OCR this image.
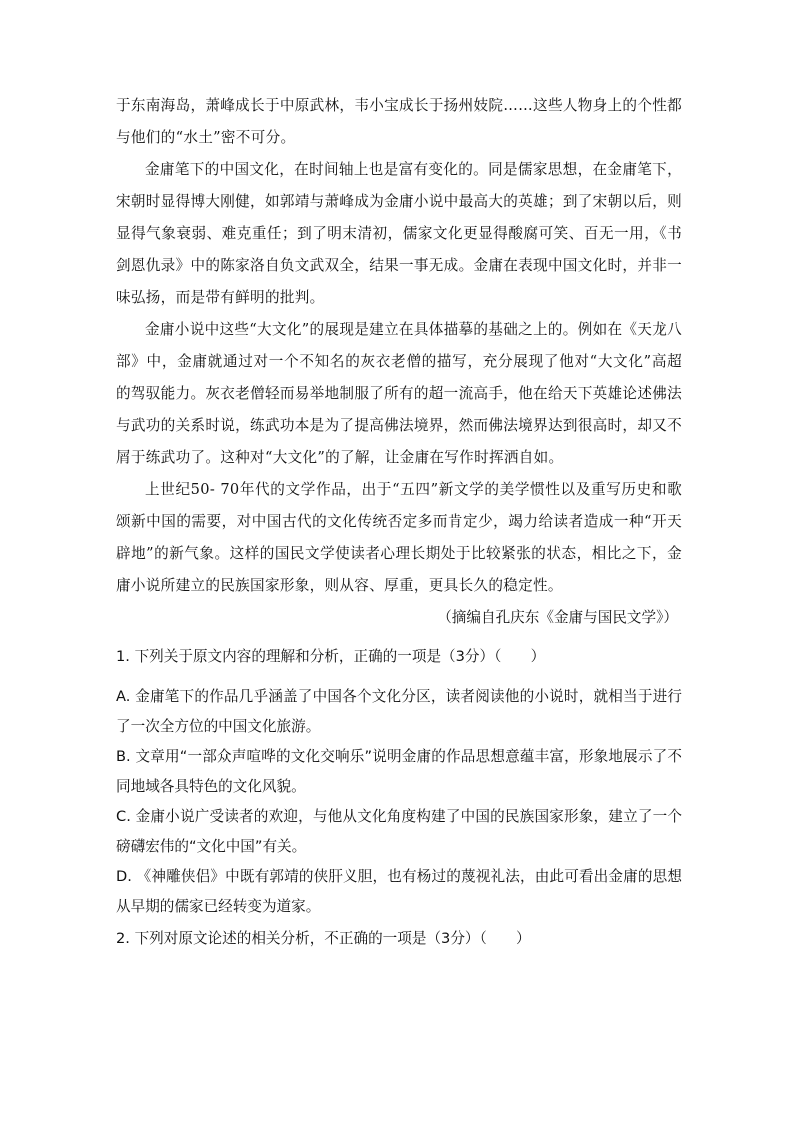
于东南海岛，萧峰成长于中原武林，韦小宝成长于扬州妓院……这些人物身上的个性都与他们的“水土”密不可分。

金庸笔下的中国文化，在时间轴上也是富有变化的。同是儒家思想，在金庸笔下，宋朝时显得博大刚健，如郭靖与萧峰成为金庸小说中最高大的英雄；到了宋朝以后，则显得气象衰弱、难克重任；到了明末清初，儒家文化更显得酸腐可笑、百无一用，《书剑恩仇录》中的陈家洛自负文武双全，结果一事无成。金庸在表现中国文化时，并非一味弘扬，而是带有鲜明的批判。

金庸小说中这些“大文化”的展现是建立在具体描摹的基础之上的。例如在《天龙八部》中，金庸就通过对一个不知名的灰衣老僧的描写，充分展现了他对“大文化”高超的驾驭能力。灰衣老僧轻而易举地制服了所有的超一流高手，他在给天下英雄论述佛法与武功的关系时说，练武功本是为了提高佛法境界，然而佛法境界达到很高时，却又不屑于练武功了。这种对“大文化”的了解，让金庸在写作时挥洒自如。

上世纪50- 70年代的文学作品，出于“五四”新文学的美学惯性以及重写历史和歌颂新中国的需要，对中国古代的文化传统否定多而肯定少，竭力给读者造成一种“开天辟地”的新气象。这样的国民文学使读者心理长期处于比较紧张的状态，相比之下，金庸小说所建立的民族国家形象，则从容、厚重，更具长久的稳定性。

（摘编自孔庆东《金庸与国民文学》）

1. 下列关于原文内容的理解和分析，正确的一项是（3分）（　　）

A. 金庸笔下的作品几乎涵盖了中国各个文化分区，读者阅读他的小说时，就相当于进行了一次全方位的中国文化旅游。

B. 文章用“一部众声喧哗的文化交响乐”说明金庸的作品思想意蕴丰富，形象地展示了不同地域各具特色的文化风貌。

C. 金庸小说广受读者的欢迎，与他从文化角度构建了中国的民族国家形象，建立了一个磅礴宏伟的“文化中国”有关。

D. 《神雕侠侣》中既有郭靖的侠肝义胆，也有杨过的蔑视礼法，由此可看出金庸的思想从早期的儒家已经转变为道家。

2. 下列对原文论述的相关分析，不正确的一项是（3分）（　　）
